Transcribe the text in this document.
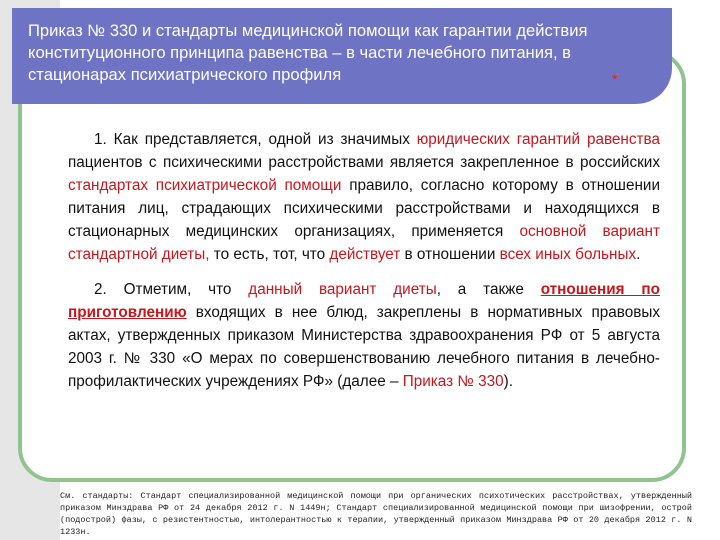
Приказ № 330 и стандарты медицинской помощи как гарантии действия конституционного принципа равенства – в части лечебного питания, в стационарах психиатрического профиля	*

1. Как представляется, одной из значимых юридических гарантий равенства пациентов с психическими расстройствами является закрепленное в российских стандартах психиатрической помощи правило, согласно которому в отношении питания лиц, страдающих психическими расстройствами и находящихся в стационарных медицинских организациях, применяется основной вариант стандартной диеты, то есть, тот, что действует в отношении всех иных больных.

2. Отметим, что данный вариант диеты, а также отношения по приготовлению входящих в нее блюд, закреплены в нормативных правовых актах, утвержденных приказом Министерства здравоохранения РФ от 5 августа 2003 г. № 330 «О мерах по совершенствованию лечебного питания в лечебно-профилактических учреждениях РФ» (далее – Приказ № 330).

См. стандарты: Стандарт специализированной медицинской помощи при органических психотических расстройствах, утвержденный приказом Минздрава РФ от 24 декабря 2012 г. N 1449н; Стандарт специализированной медицинской помощи при шизофрении, острой (подострой) фазы, с резистентностью, интолерантностью к терапии, утвержденный приказом Минздрава РФ от 20 декабря 2012 г. N 1233н.
